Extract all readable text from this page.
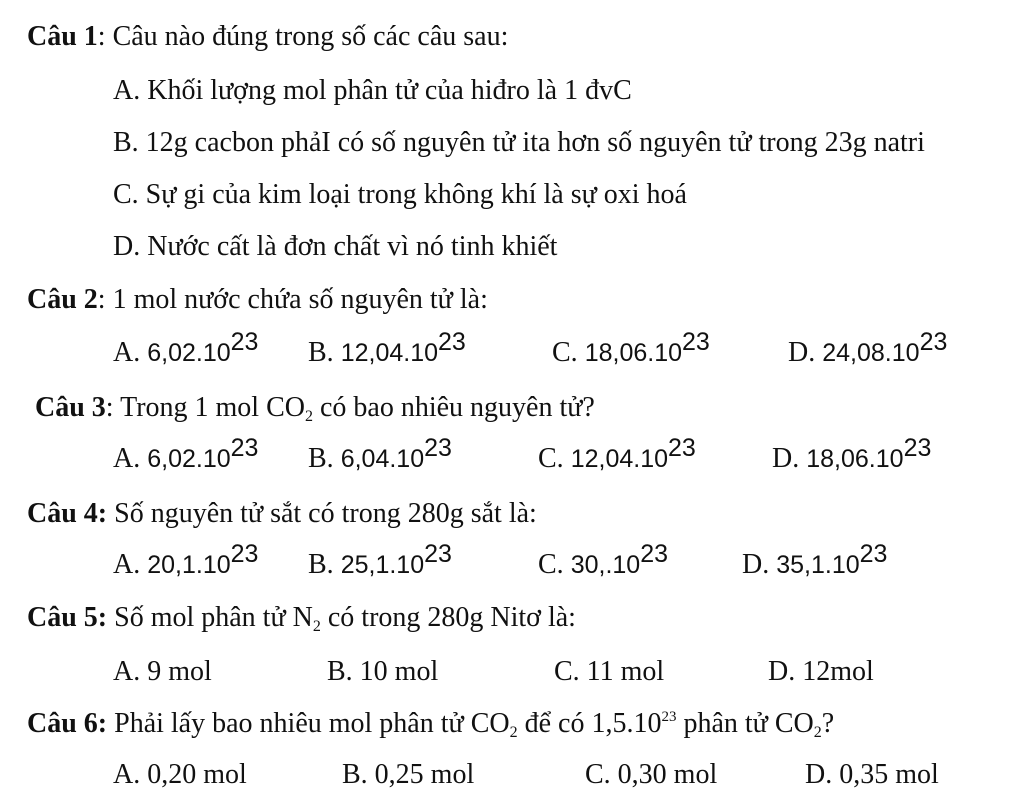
Câu 1: Câu nào đúng trong số các câu sau:
A. Khối lượng mol phân tử của hiđro là 1 đvC
B. 12g cacbon phảI có số nguyên tử ita hơn số nguyên tử trong 23g natri
C. Sự gi của kim loại trong không khí là sự oxi hoá
D. Nước cất là đơn chất vì nó tinh khiết
Câu 2: 1 mol nước chứa số nguyên tử là:
A. 6,02.10$^{23}$ B. 12,04.10$^{23}$	C. 18,06.10$^{23}$	D. 24,08.10$^{23}$
Câu 3: Trong 1 mol $CO_2$ có bao nhiêu nguyên tử?
A. 6,02.10$^{23}$ B. 6,04.10$^{23}$	C. 12,04.10$^{23}$	D. 18,06.10$^{23}$
Câu 4: Số nguyên tử sắt có trong 280g sắt là:
A. 20,1.10$^{23}$ B. 25,1.10$^{23}$	C. 30,.10$^{23}$	D. 35,1.10$^{23}$
Câu 5: Số mol phân tử $N_2$ có trong 280g Nitơ là:
A. 9 mol	B. 10 mol	C. 11 mol	D. 12mol
Câu 6: Phải lấy bao nhiêu mol phân tử $CO_2$ để có 1,5.10$^{23}$ phân tử $CO_2$?
A. 0,20 mol	B. 0,25 mol	C. 0,30 mol	D. 0,35 mol
